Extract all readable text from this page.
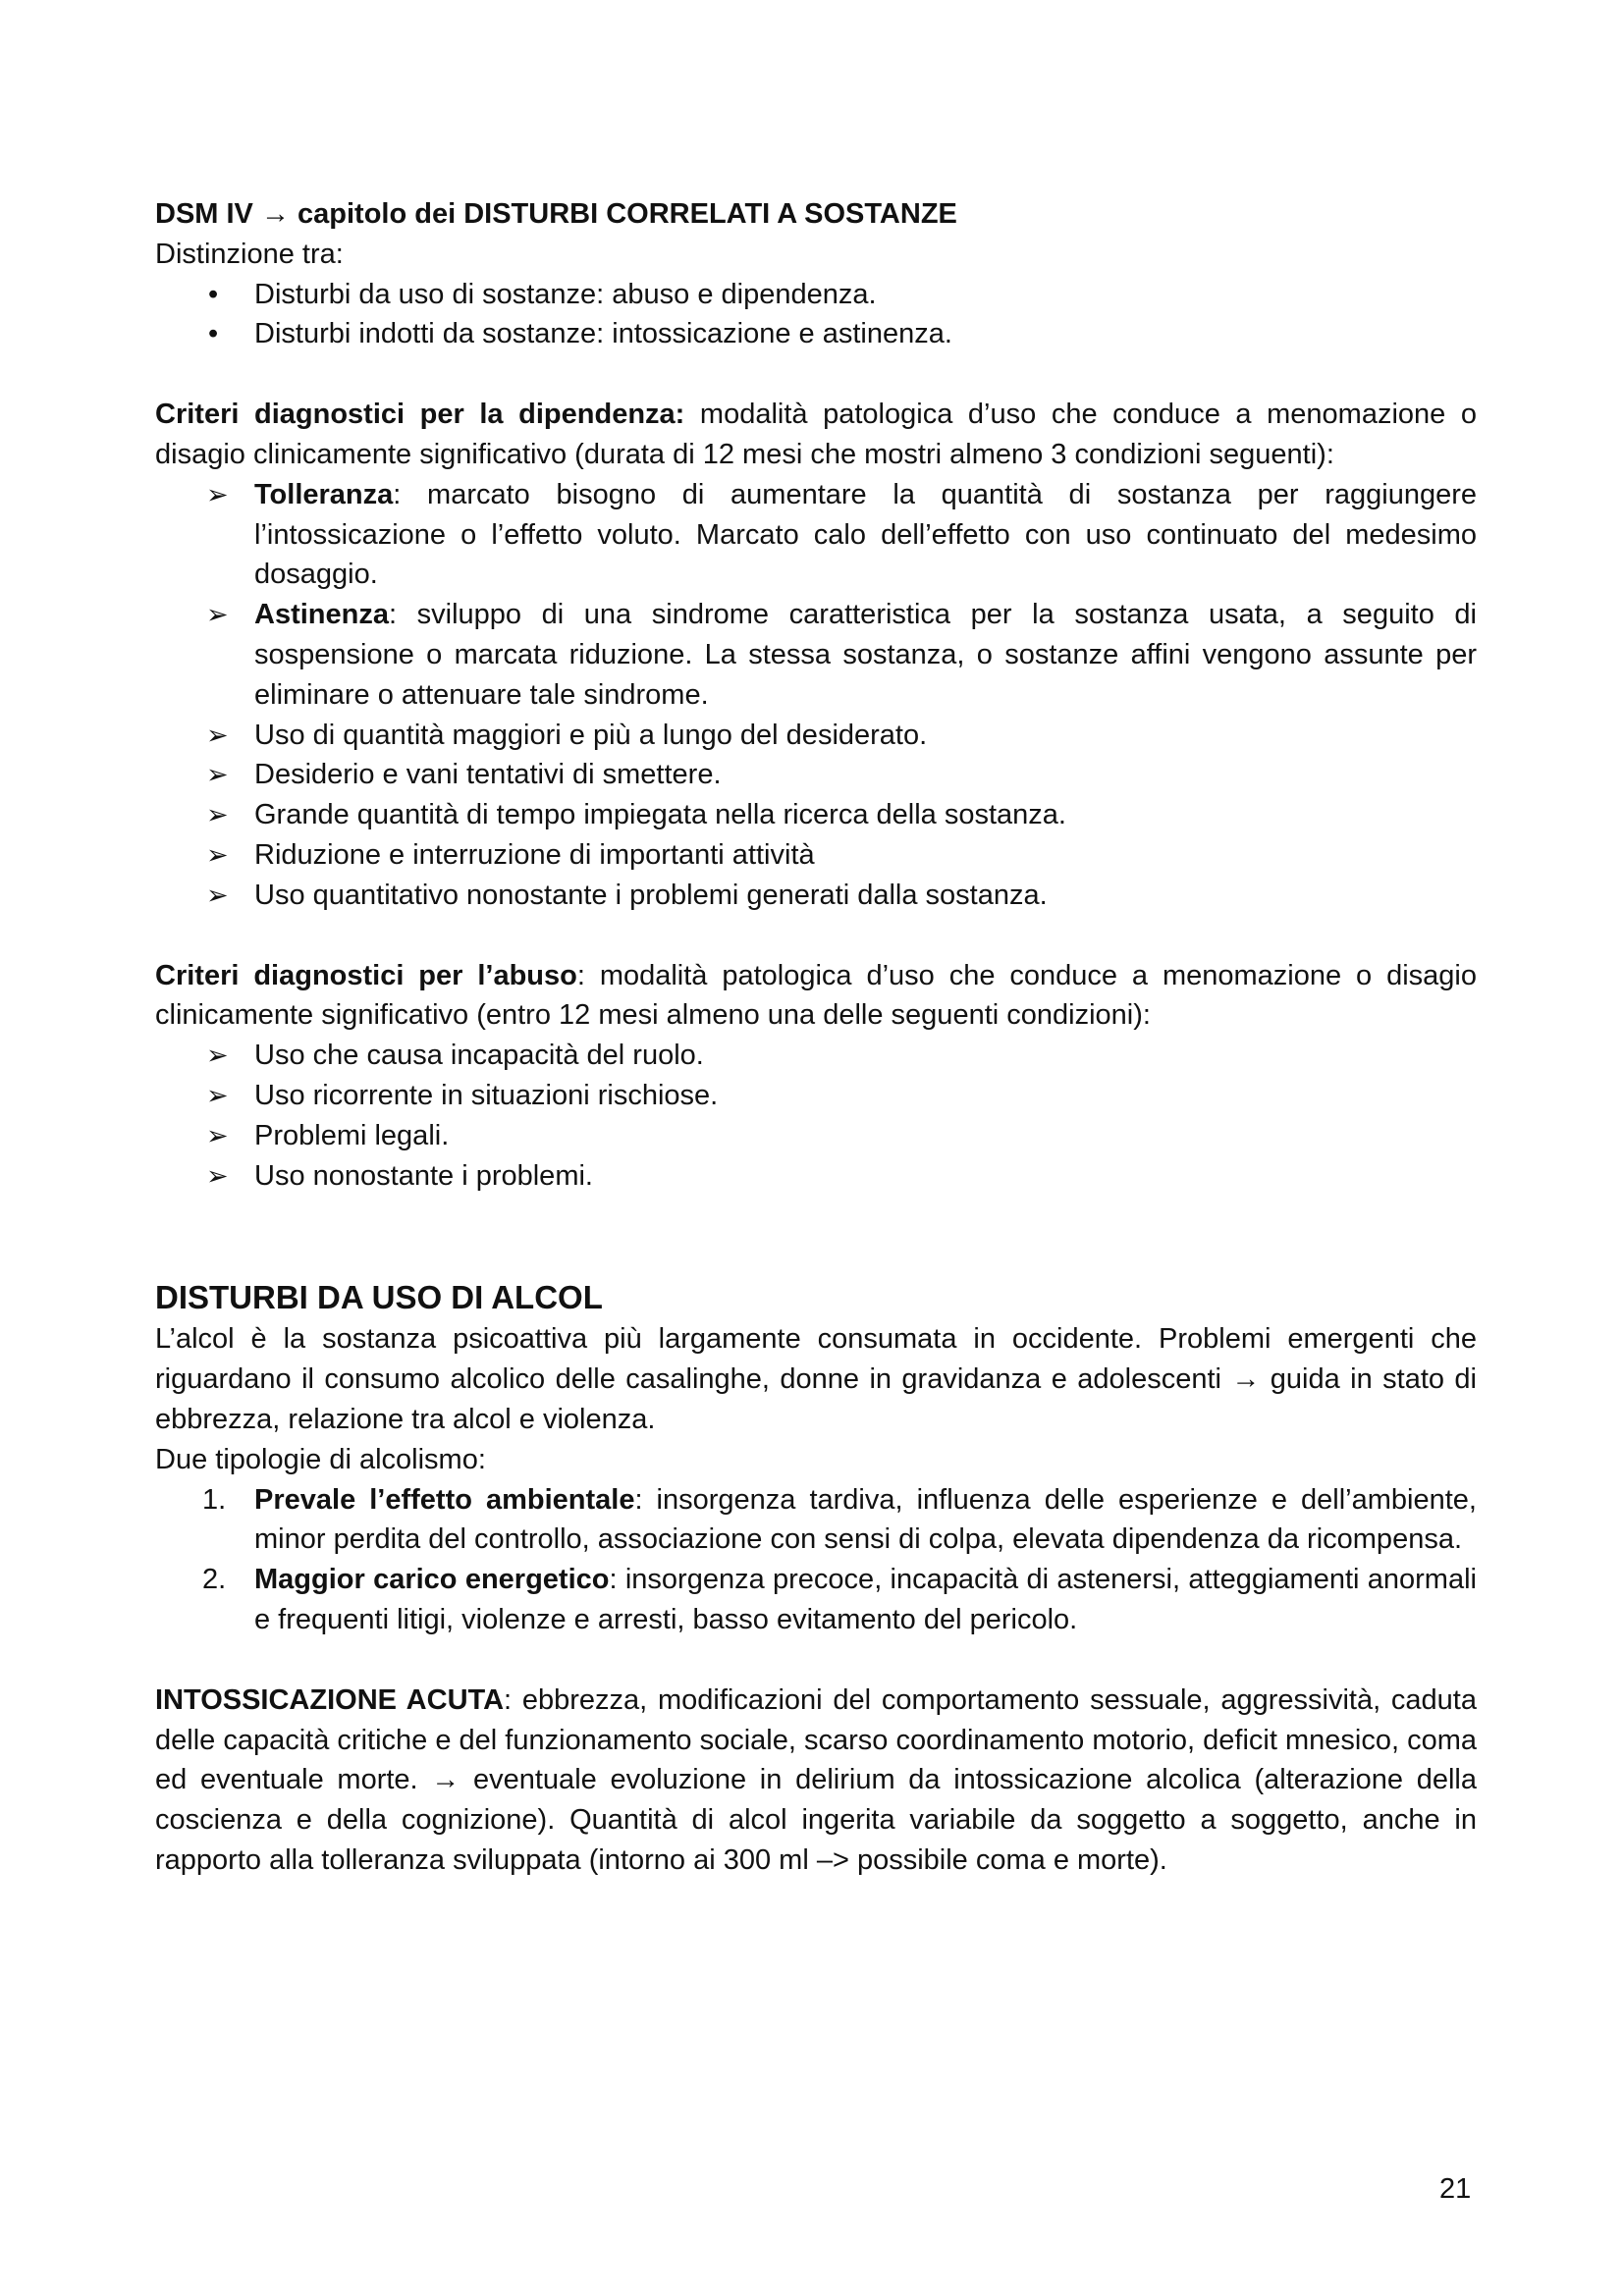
DSM IV → capitolo dei DISTURBI CORRELATI A SOSTANZE

Distinzione tra:

• Disturbi da uso di sostanze: abuso e dipendenza.
• Disturbi indotti da sostanze: intossicazione e astinenza.

Criteri diagnostici per la dipendenza: modalità patologica d’uso che conduce a menomazione o disagio clinicamente significativo (durata di 12 mesi che mostri almeno 3 condizioni seguenti):

➢ Tolleranza: marcato bisogno di aumentare la quantità di sostanza per raggiungere l’intossicazione o l’effetto voluto. Marcato calo dell’effetto con uso continuato del medesimo dosaggio.
➢ Astinenza: sviluppo di una sindrome caratteristica per la sostanza usata, a seguito di sospensione o marcata riduzione. La stessa sostanza, o sostanze affini vengono assunte per eliminare o attenuare tale sindrome.
➢ Uso di quantità maggiori e più a lungo del desiderato.
➢ Desiderio e vani tentativi di smettere.
➢ Grande quantità di tempo impiegata nella ricerca della sostanza.
➢ Riduzione e interruzione di importanti attività
➢ Uso quantitativo nonostante i problemi generati dalla sostanza.

Criteri diagnostici per l’abuso: modalità patologica d’uso che conduce a menomazione o disagio clinicamente significativo (entro 12 mesi almeno una delle seguenti condizioni):

➢ Uso che causa incapacità del ruolo.
➢ Uso ricorrente in situazioni rischiose.
➢ Problemi legali.
➢ Uso nonostante i problemi.
DISTURBI DA USO DI ALCOL

L’alcol è la sostanza psicoattiva più largamente consumata in occidente. Problemi emergenti che riguardano il consumo alcolico delle casalinghe, donne in gravidanza e adolescenti → guida in stato di ebbrezza, relazione tra alcol e violenza.

Due tipologie di alcolismo:

1. Prevale l’effetto ambientale: insorgenza tardiva, influenza delle esperienze e dell’ambiente, minor perdita del controllo, associazione con sensi di colpa, elevata dipendenza da ricompensa.
2. Maggior carico energetico: insorgenza precoce, incapacità di astenersi, atteggiamenti anormali e frequenti litigi, violenze e arresti, basso evitamento del pericolo.

INTOSSICAZIONE ACUTA: ebbrezza, modificazioni del comportamento sessuale, aggressività, caduta delle capacità critiche e del funzionamento sociale, scarso coordinamento motorio, deficit mnesico, coma ed eventuale morte. → eventuale evoluzione in delirium da intossicazione alcolica (alterazione della coscienza e della cognizione). Quantità di alcol ingerita variabile da soggetto a soggetto, anche in rapporto alla tolleranza sviluppata (intorno ai 300 ml –> possibile coma e morte).

21
